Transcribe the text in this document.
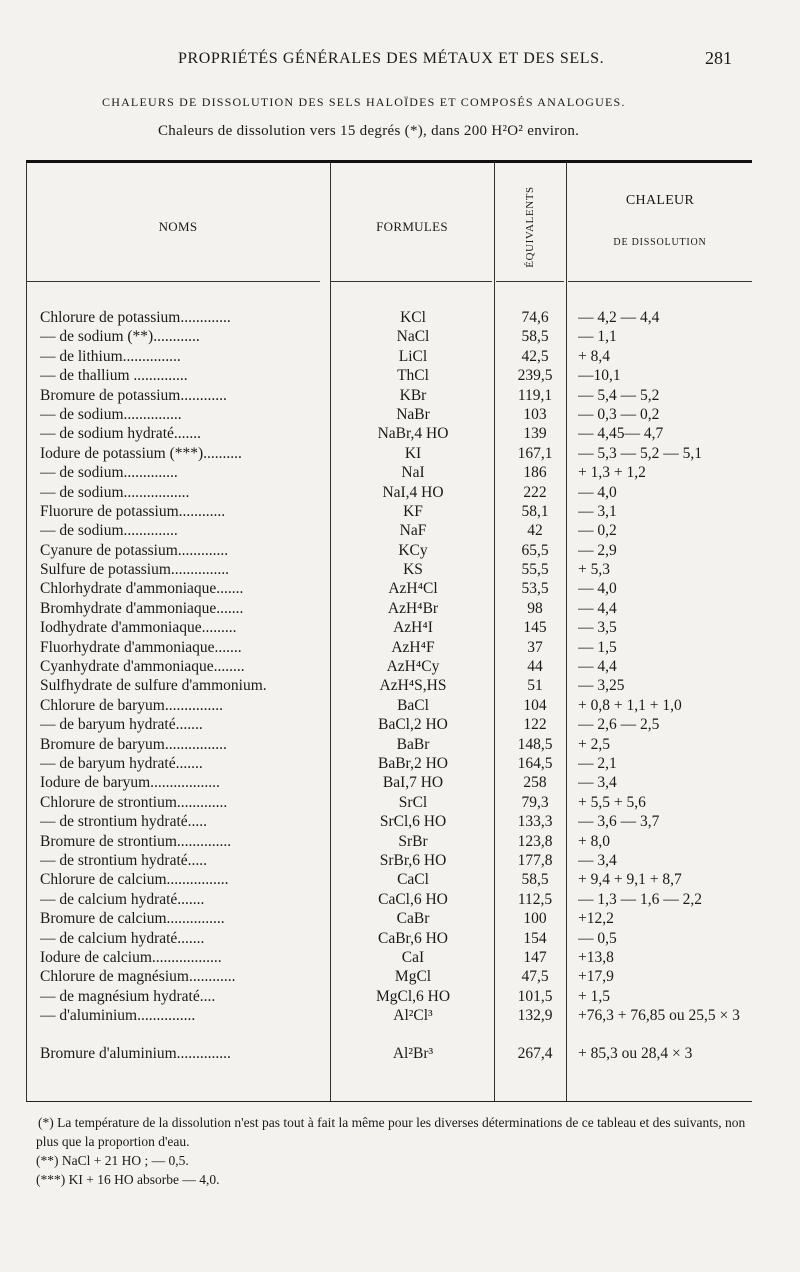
PROPRIÉTÉS GÉNÉRALES DES MÉTAUX ET DES SELS.	281
CHALEURS DE DISSOLUTION DES SELS HALOÏDES ET COMPOSÉS ANALOGUES.
Chaleurs de dissolution vers 15 degrés (*), dans 200 H²O² environ.
NOMS	FORMULES	ÉQUIVALENTS	CHALEUR
DE DISSOLUTION
Chlorure de potassium.............	KCl	74,6	— 4,2 — 4,4
— de sodium (**)............	NaCl	58,5	— 1,1
— de lithium...............	LiCl	42,5	+ 8,4
— de thallium ..............	ThCl	239,5	—10,1
Bromure de potassium............	KBr	119,1	— 5,4 — 5,2
— de sodium...............	NaBr	103	— 0,3 — 0,2
— de sodium hydraté.......	NaBr,4 HO	139	— 4,45— 4,7
Iodure de potassium (***)..........	KI	167,1	— 5,3 — 5,2 — 5,1
— de sodium..............	NaI	186	+ 1,3 + 1,2
— de sodium.................	NaI,4 HO	222	— 4,0
Fluorure de potassium............	KF	58,1	— 3,1
— de sodium..............	NaF	42	— 0,2
Cyanure de potassium.............	KCy	65,5	— 2,9
Sulfure de potassium...............	KS	55,5	+ 5,3
Chlorhydrate d'ammoniaque.......	AzH⁴Cl	53,5	— 4,0
Bromhydrate d'ammoniaque.......	AzH⁴Br	98	— 4,4
Iodhydrate d'ammoniaque.........	AzH⁴I	145	— 3,5
Fluorhydrate d'ammoniaque.......	AzH⁴F	37	— 1,5
Cyanhydrate d'ammoniaque........	AzH⁴Cy	44	— 4,4
Sulfhydrate de sulfure d'ammonium.	AzH⁴S,HS	51	— 3,25
Chlorure de baryum...............	BaCl	104	+ 0,8 + 1,1 + 1,0
— de baryum hydraté.......	BaCl,2 HO	122	— 2,6 — 2,5
Bromure de baryum................	BaBr	148,5	+ 2,5
— de baryum hydraté.......	BaBr,2 HO	164,5	— 2,1
Iodure de baryum..................	BaI,7 HO	258	— 3,4
Chlorure de strontium.............	SrCl	79,3	+ 5,5 + 5,6
— de strontium hydraté.....	SrCl,6 HO	133,3	— 3,6 — 3,7
Bromure de strontium..............	SrBr	123,8	+ 8,0
— de strontium hydraté.....	SrBr,6 HO	177,8	— 3,4
Chlorure de calcium................	CaCl	58,5	+ 9,4 + 9,1 + 8,7
— de calcium hydraté.......	CaCl,6 HO	112,5	— 1,3 — 1,6 — 2,2
Bromure de calcium...............	CaBr	100	+12,2
— de calcium hydraté.......	CaBr,6 HO	154	— 0,5
Iodure de calcium..................	CaI	147	+13,8
Chlorure de magnésium............	MgCl	47,5	+17,9
— de magnésium hydraté....	MgCl,6 HO	101,5	+ 1,5
— d'aluminium...............	Al²Cl³	132,9	+76,3 + 76,85 ou 25,5 × 3
Bromure d'aluminium..............	Al²Br³	267,4	+ 85,3 ou 28,4 × 3

(*) La température de la dissolution n'est pas tout à fait la même pour les diverses déterminations de ce tableau et des suivants, non plus que la proportion d'eau.

(**) NaCl + 21 HO ; — 0,5.

(***) KI + 16 HO absorbe — 4,0.
